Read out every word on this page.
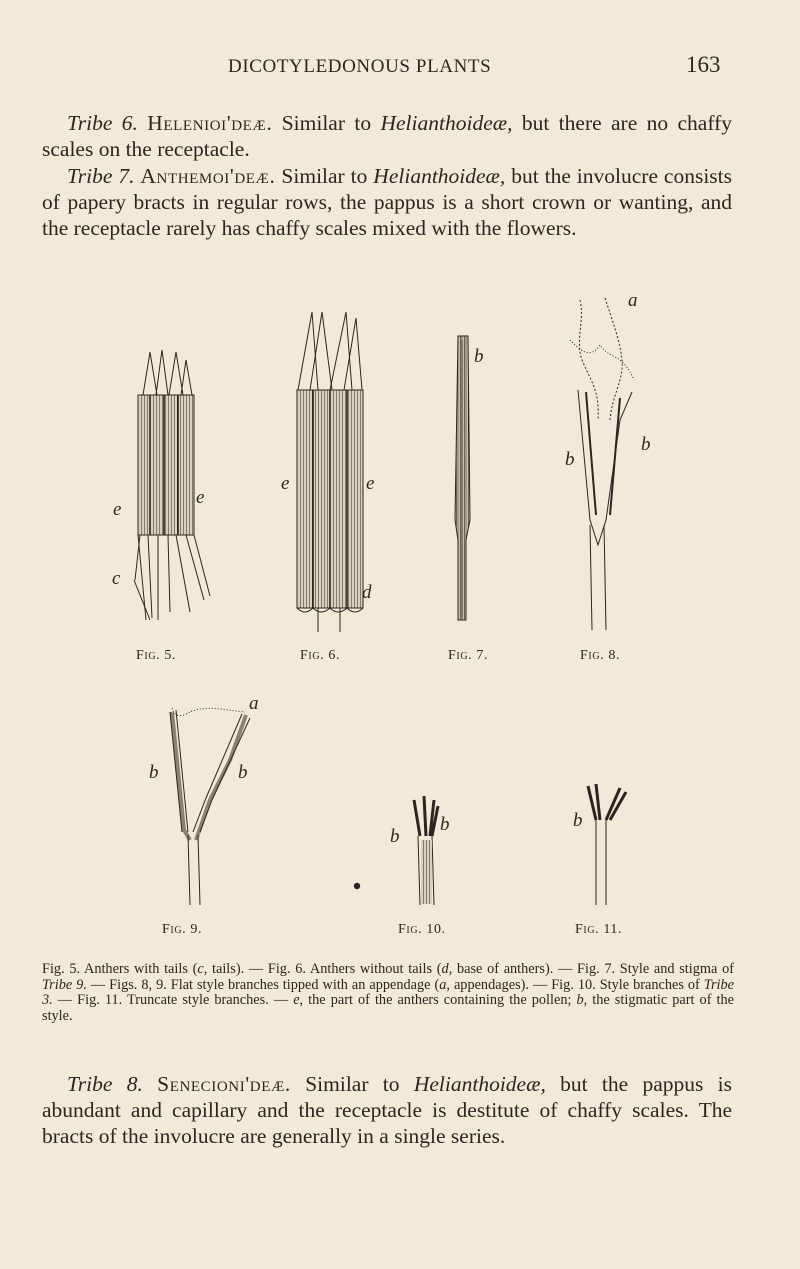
DICOTYLEDONOUS PLANTS	163
Tribe 6. Helenioi'deæ. Similar to Helianthoideæ, but there are no chaffy scales on the receptacle.
Tribe 7. Anthemoi'deæ. Similar to Helianthoideæ, but the involucre consists of papery bracts in regular rows, the pappus is a short crown or wanting, and the receptacle rarely has chaffy scales mixed with the flowers.
e
e
c
e	e
d
b
a
b
b
a
b	b
b
b	b
Fig. 5.	Fig. 6.	Fig. 7.	Fig. 8.
Fig. 9.	Fig. 10.	Fig. 11.
Fig. 5. Anthers with tails (c, tails). — Fig. 6. Anthers without tails (d, base of anthers). — Fig. 7. Style and stigma of Tribe 9. — Figs. 8, 9. Flat style branches tipped with an appendage (a, appendages). — Fig. 10. Style branches of Tribe 3. — Fig. 11. Truncate style branches. — e, the part of the anthers containing the pollen; b, the stigmatic part of the style.
Tribe 8. Senecioni'deæ. Similar to Helianthoideæ, but the pappus is abundant and capillary and the receptacle is destitute of chaffy scales. The bracts of the involucre are generally in a single series.
